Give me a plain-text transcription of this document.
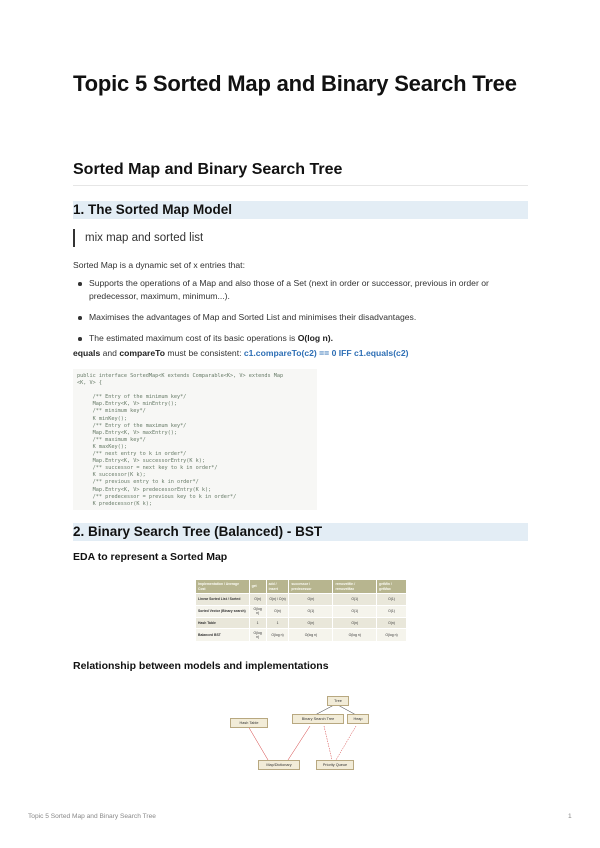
Topic 5 Sorted Map and Binary Search Tree
Sorted Map and Binary Search Tree
1. The Sorted Map Model
mix map and sorted list
Sorted Map is a dynamic set of x entries that:
Supports the operations of a Map and also those of a Set (next in order or successor, previous in order or predecessor, maximum, minimum...).
Maximises the advantages of Map and Sorted List and minimises their disadvantages.
The estimated maximum cost of its basic operations is O(log n).
equals and compareTo must be consistent: c1.compareTo(c2) == 0 IFF c1.equals(c2)
public interface SortedMap<K extends Comparable<K>, V> extends Map
<K, V> {

/** Entry of the minimum key*/
Map.Entry<K, V> minEntry();
/** minimum key*/
K minKey();
/** Entry of the maximum key*/
Map.Entry<K, V> maxEntry();
/** maximum key*/
K maxKey();
/** next entry to k in order*/
Map.Entry<K, V> successorEntry(K k);
/** successor = next key to k in order*/
K successor(K k);
/** previous entry to k in order*/
Map.Entry<K, V> predecessorEntry(K k);
/** predecessor = previous key to k in order*/
K predecessor(K k);
2. Binary Search Tree (Balanced) - BST
EDA to represent a Sorted Map
Implementation / Average Cost	get	add / insert	successor / predecessor	removeMin / removeMax	getMin / getMax
Linear Sorted List / Sorted	O(n)	O(n) / O(n)	O(n)	O(1)	O(1)
Sorted Vector (Binary search)	O(log n)	O(n)	O(1)	O(1)	O(1)
Hash Table	1	1	O(n)	O(n)	O(n)
Balanced BST	O(log n)	O(log n)	O(log n)	O(log n)	O(log n)
Relationship between models and implementations
Tree
Hash Table
Binary Search Tree	Heap
Map/Dictionary	Priority Queue
Topic 5 Sorted Map and Binary Search Tree	1
